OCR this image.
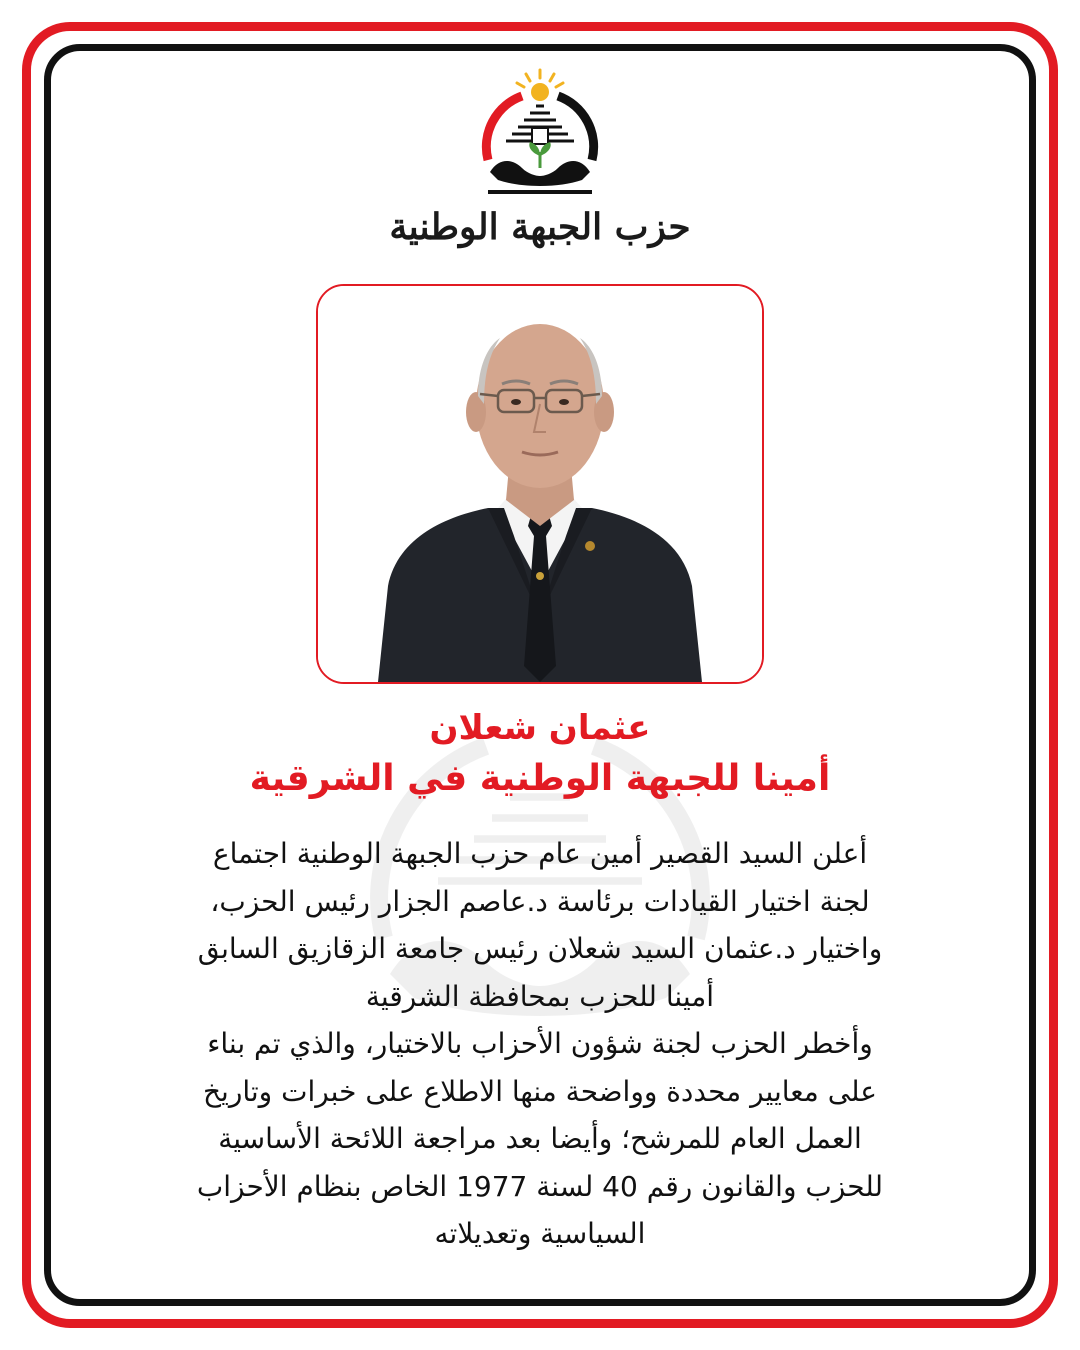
حزب الجبهة الوطنية
عثمان شعلان
أمينا للجبهة الوطنية في الشرقية
أعلن السيد القصير أمين عام حزب الجبهة الوطنية اجتماع
لجنة اختيار القيادات برئاسة د.عاصم الجزار رئيس الحزب،
واختيار د.عثمان السيد شعلان رئيس جامعة الزقازيق السابق
أمينا للحزب بمحافظة الشرقية
وأخطر الحزب لجنة شؤون الأحزاب بالاختيار، والذي تم بناء
على معايير محددة وواضحة منها الاطلاع على خبرات وتاريخ
العمل العام للمرشح؛ وأيضا بعد مراجعة اللائحة الأساسية
للحزب والقانون رقم 40 لسنة 1977 الخاص بنظام الأحزاب
السياسية وتعديلاته
